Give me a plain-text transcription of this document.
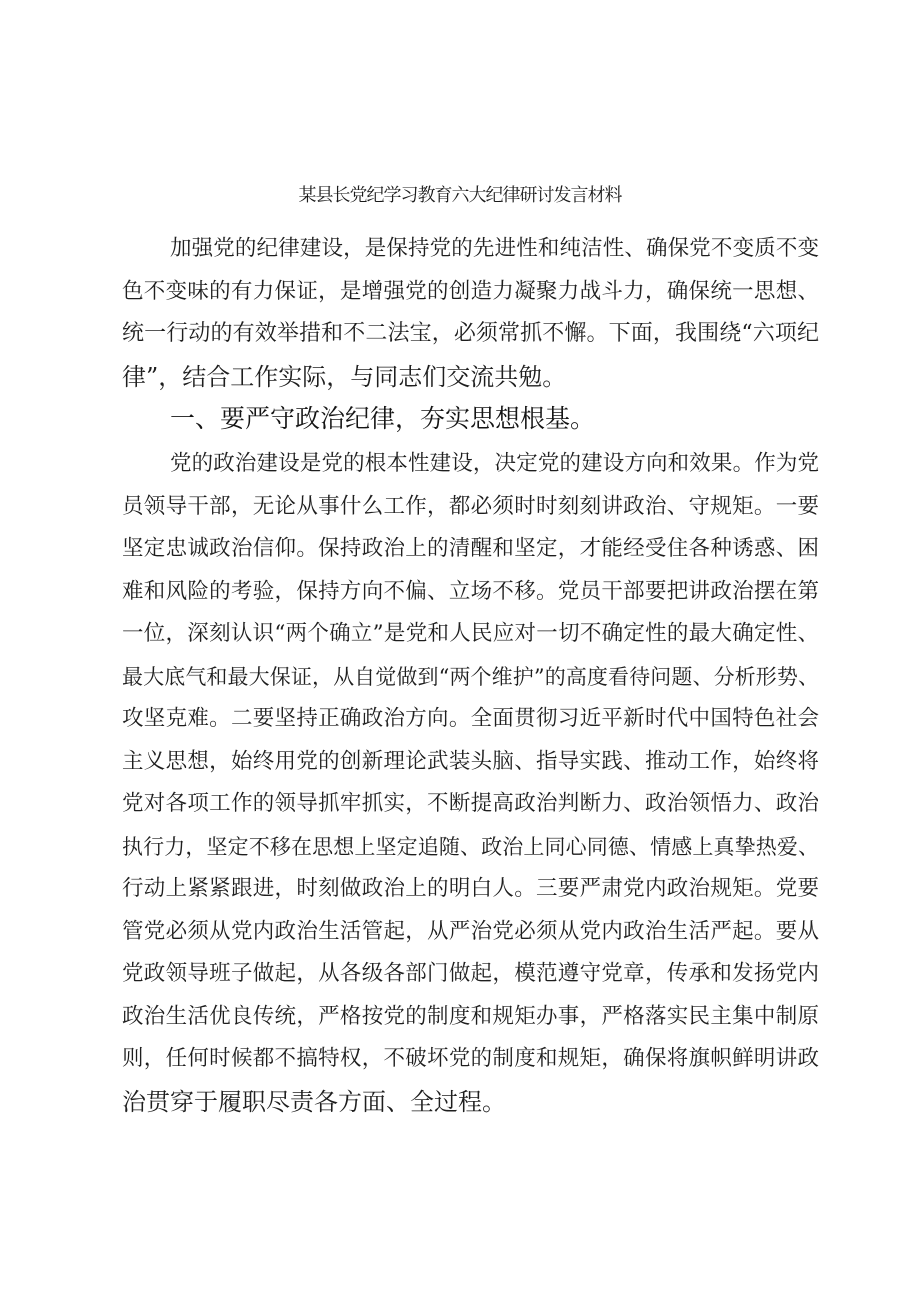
某县长党纪学习教育六大纪律研讨发言材料
加强党的纪律建设，是保持党的先进性和纯洁性、确保党不变质不变
色不变味的有力保证，是增强党的创造力凝聚力战斗力，确保统一思想、
统一行动的有效举措和不二法宝，必须常抓不懈。下面，我围绕“六项纪
律”，结合工作实际，与同志们交流共勉。
一、要严守政治纪律，夯实思想根基。
党的政治建设是党的根本性建设，决定党的建设方向和效果。作为党
员领导干部，无论从事什么工作，都必须时时刻刻讲政治、守规矩。一要
坚定忠诚政治信仰。保持政治上的清醒和坚定，才能经受住各种诱惑、困
难和风险的考验，保持方向不偏、立场不移。党员干部要把讲政治摆在第
一位，深刻认识“两个确立”是党和人民应对一切不确定性的最大确定性、
最大底气和最大保证，从自觉做到“两个维护”的高度看待问题、分析形势、
攻坚克难。二要坚持正确政治方向。全面贯彻习近平新时代中国特色社会
主义思想，始终用党的创新理论武装头脑、指导实践、推动工作，始终将
党对各项工作的领导抓牢抓实，不断提高政治判断力、政治领悟力、政治
执行力，坚定不移在思想上坚定追随、政治上同心同德、情感上真挚热爱、
行动上紧紧跟进，时刻做政治上的明白人。三要严肃党内政治规矩。党要
管党必须从党内政治生活管起，从严治党必须从党内政治生活严起。要从
党政领导班子做起，从各级各部门做起，模范遵守党章，传承和发扬党内
政治生活优良传统，严格按党的制度和规矩办事，严格落实民主集中制原
则，任何时候都不搞特权，不破坏党的制度和规矩，确保将旗帜鲜明讲政
治贯穿于履职尽责各方面、全过程。
